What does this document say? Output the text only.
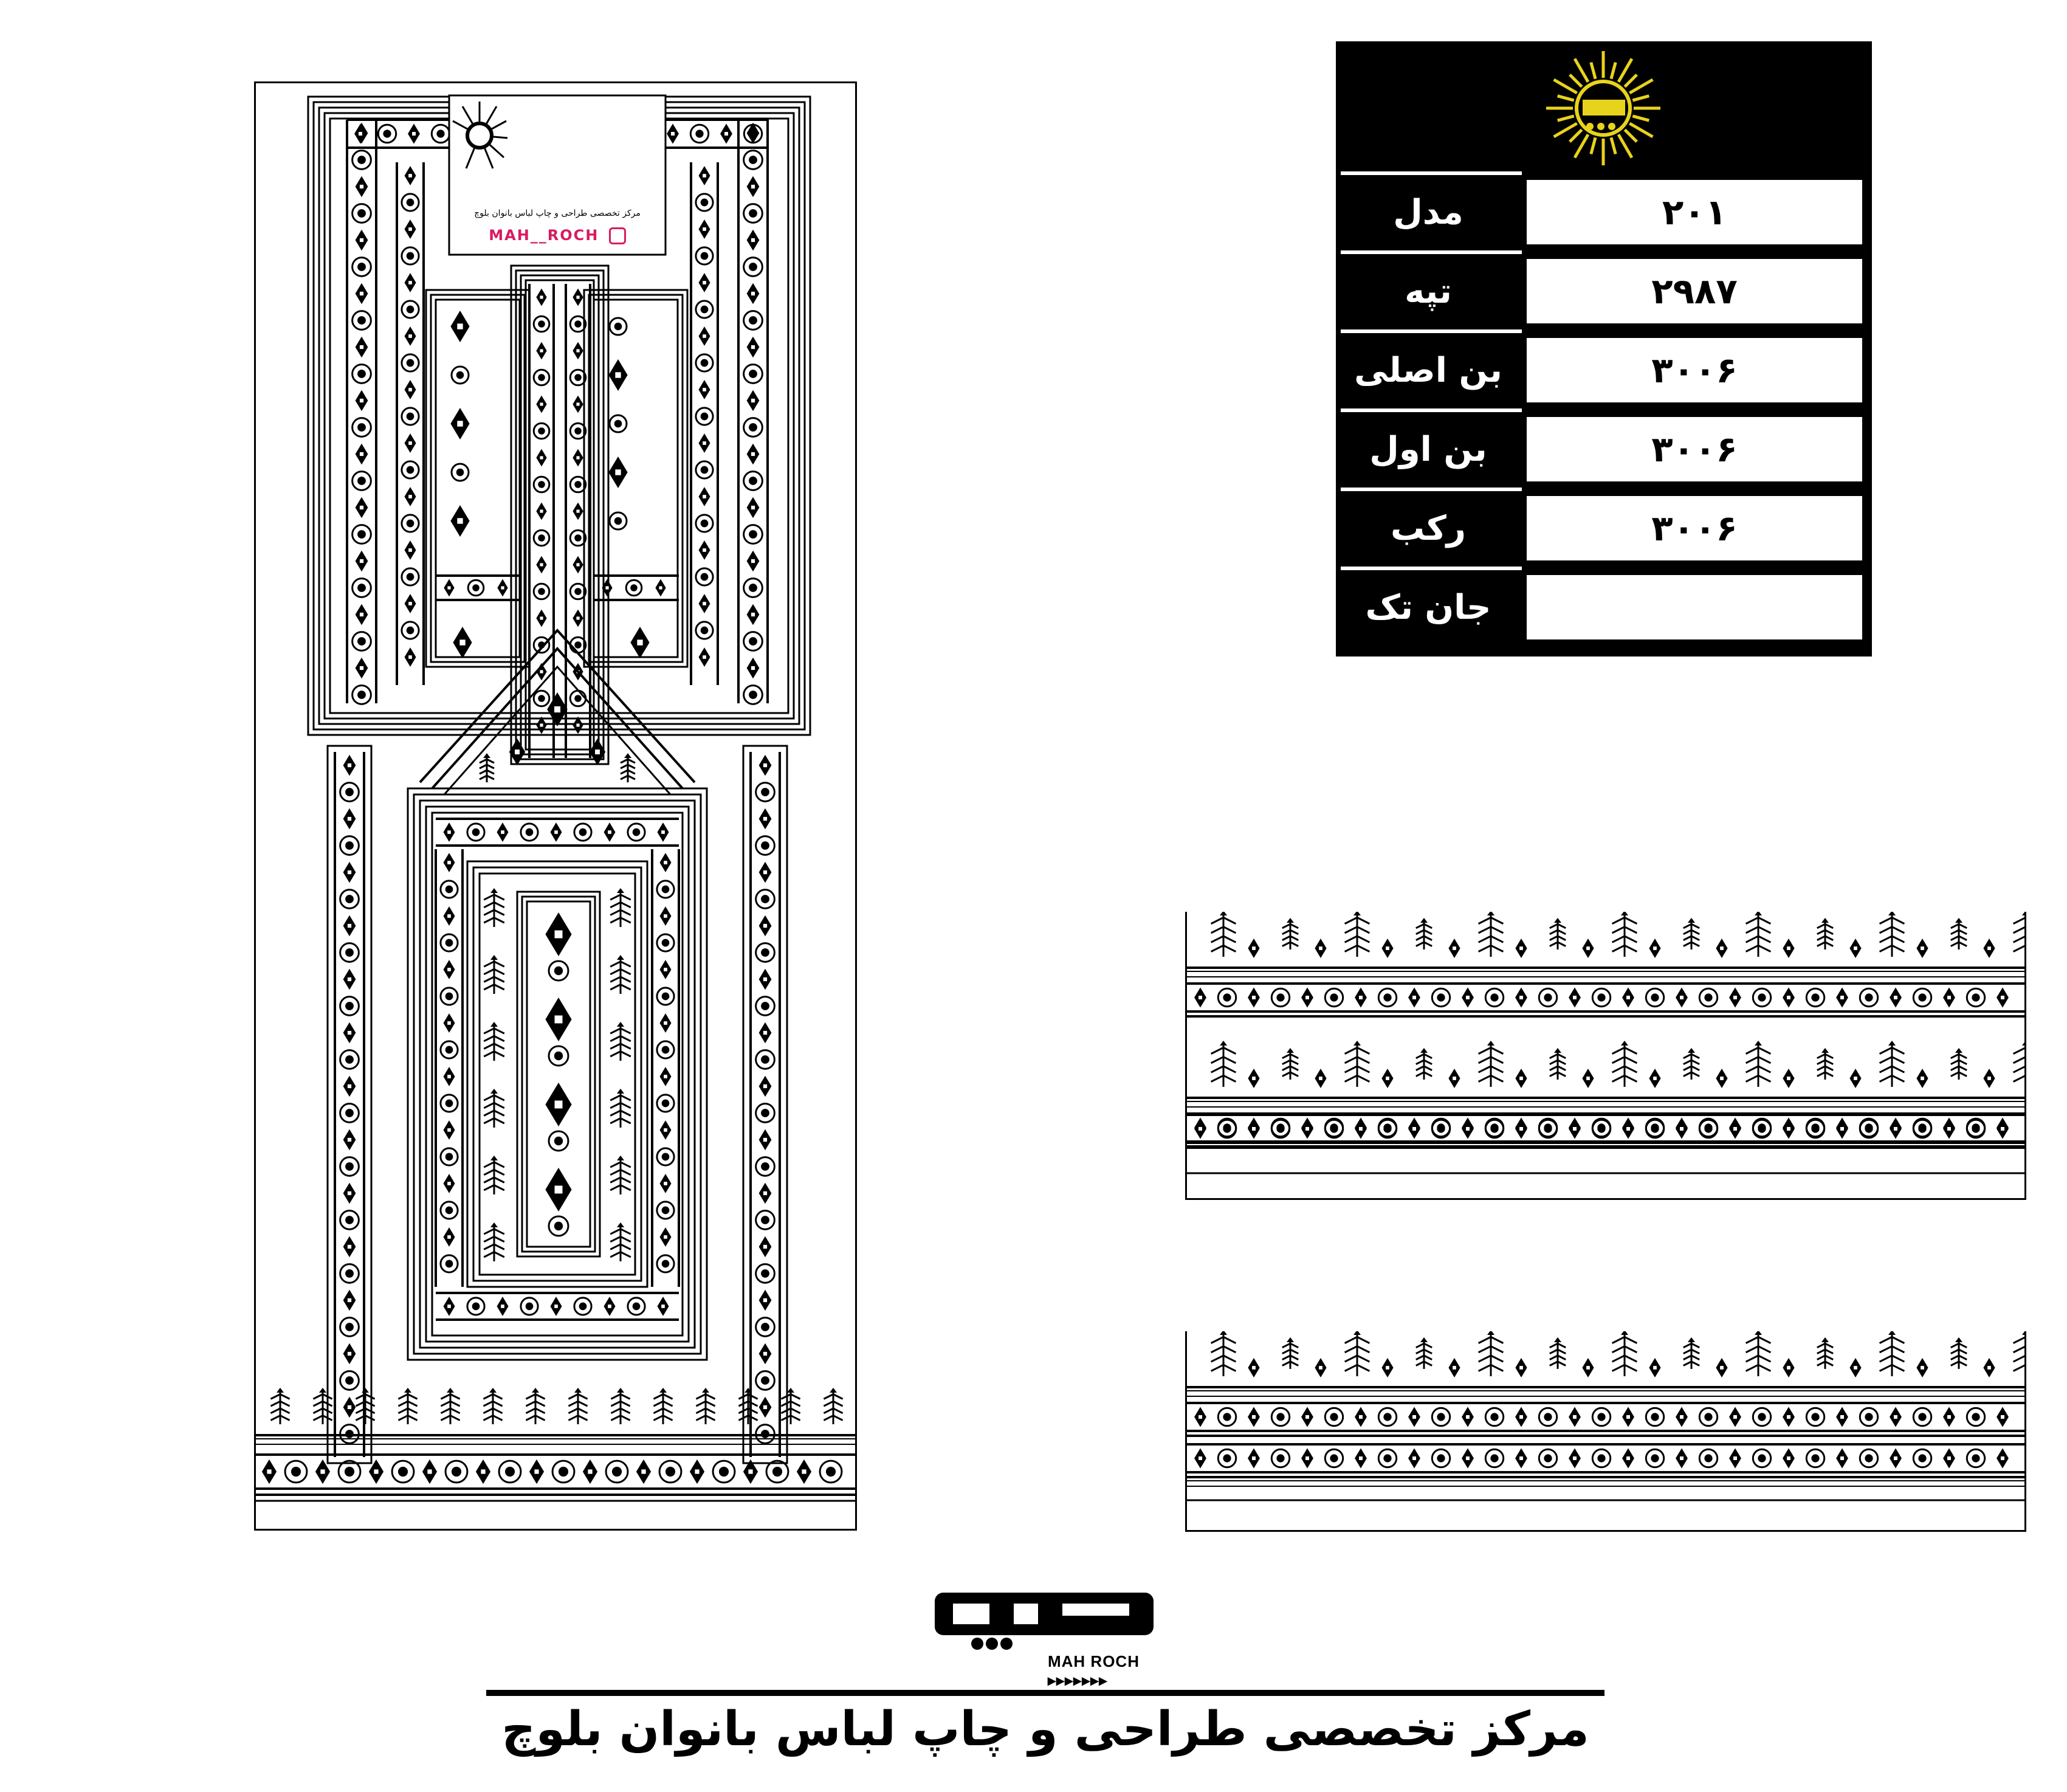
مرکز تخصصی طراحی و چاپ لباس بانوان بلوچ
MAH__ROCH
مدل	۲۰۱
تپه	۲۹۸۷
بن اصلی	۳۰۰۶
بن اول	۳۰۰۶
رکب	۳۰۰۶
جان تک
MAH ROCH ▸▸▸▸▸▸▸
مرکز تخصصی طراحی و چاپ لباس بانوان بلوچ
